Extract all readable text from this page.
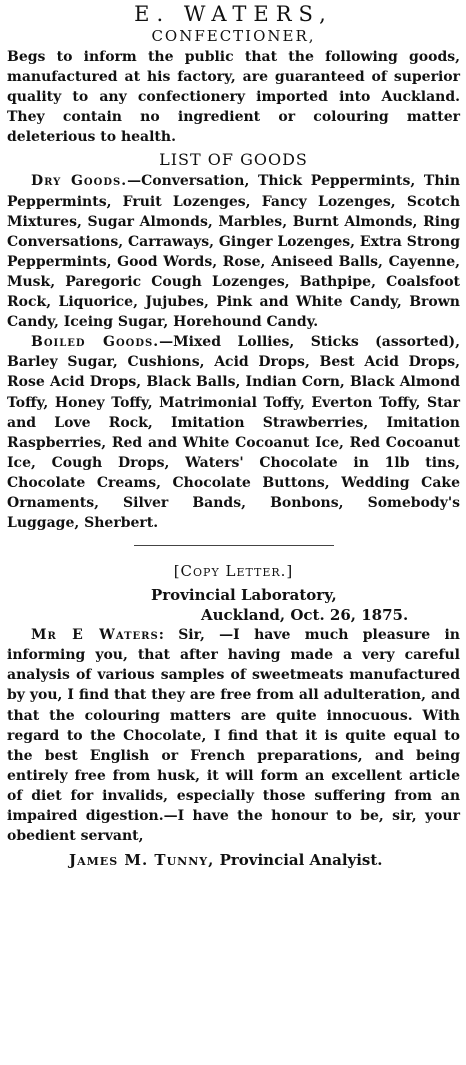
E. WATERS,
CONFECTIONER,

Begs to inform the public that the following goods, manufactured at his factory, are guaranteed of superior quality to any confectionery imported into Auckland. They contain no ingredient or colouring matter deleterious to health.

LIST OF GOODS

Dry Goods.—Conversation, Thick Peppermints, Thin Peppermints, Fruit Lozenges, Fancy Lozenges, Scotch Mixtures, Sugar Almonds, Marbles, Burnt Almonds, Ring Conversations, Carraways, Ginger Lozenges, Extra Strong Peppermints, Good Words, Rose, Aniseed Balls, Cayenne, Musk, Paregoric Cough Lozenges, Bathpipe, Coalsfoot Rock, Liquorice, Jujubes, Pink and White Candy, Brown Candy, Iceing Sugar, Horehound Candy.

Boiled Goods.—Mixed Lollies, Sticks (assorted), Barley Sugar, Cushions, Acid Drops, Best Acid Drops, Rose Acid Drops, Black Balls, Indian Corn, Black Almond Toffy, Honey Toffy, Matrimonial Toffy, Everton Toffy, Star and Love Rock, Imitation Strawberries, Imitation Raspberries, Red and White Cocoanut Ice, Red Cocoanut Ice, Cough Drops, Waters' Chocolate in 1lb tins, Chocolate Creams, Chocolate Buttons, Wedding Cake Ornaments, Silver Bands, Bonbons, Somebody's Luggage, Sherbert.

[Copy Letter.]
Provincial Laboratory,
Auckland, Oct. 26, 1875.

Mr E Waters: Sir, —I have much pleasure in informing you, that after having made a very careful analysis of various samples of sweetmeats manufactured by you, I find that they are free from all adulteration, and that the colouring matters are quite innocuous. With regard to the Chocolate, I find that it is quite equal to the best English or French preparations, and being entirely free from husk, it will form an excellent article of diet for invalids, especially those suffering from an impaired digestion.—I have the honour to be, sir, your obedient servant,

James M. Tunny, Provincial Analyist.
